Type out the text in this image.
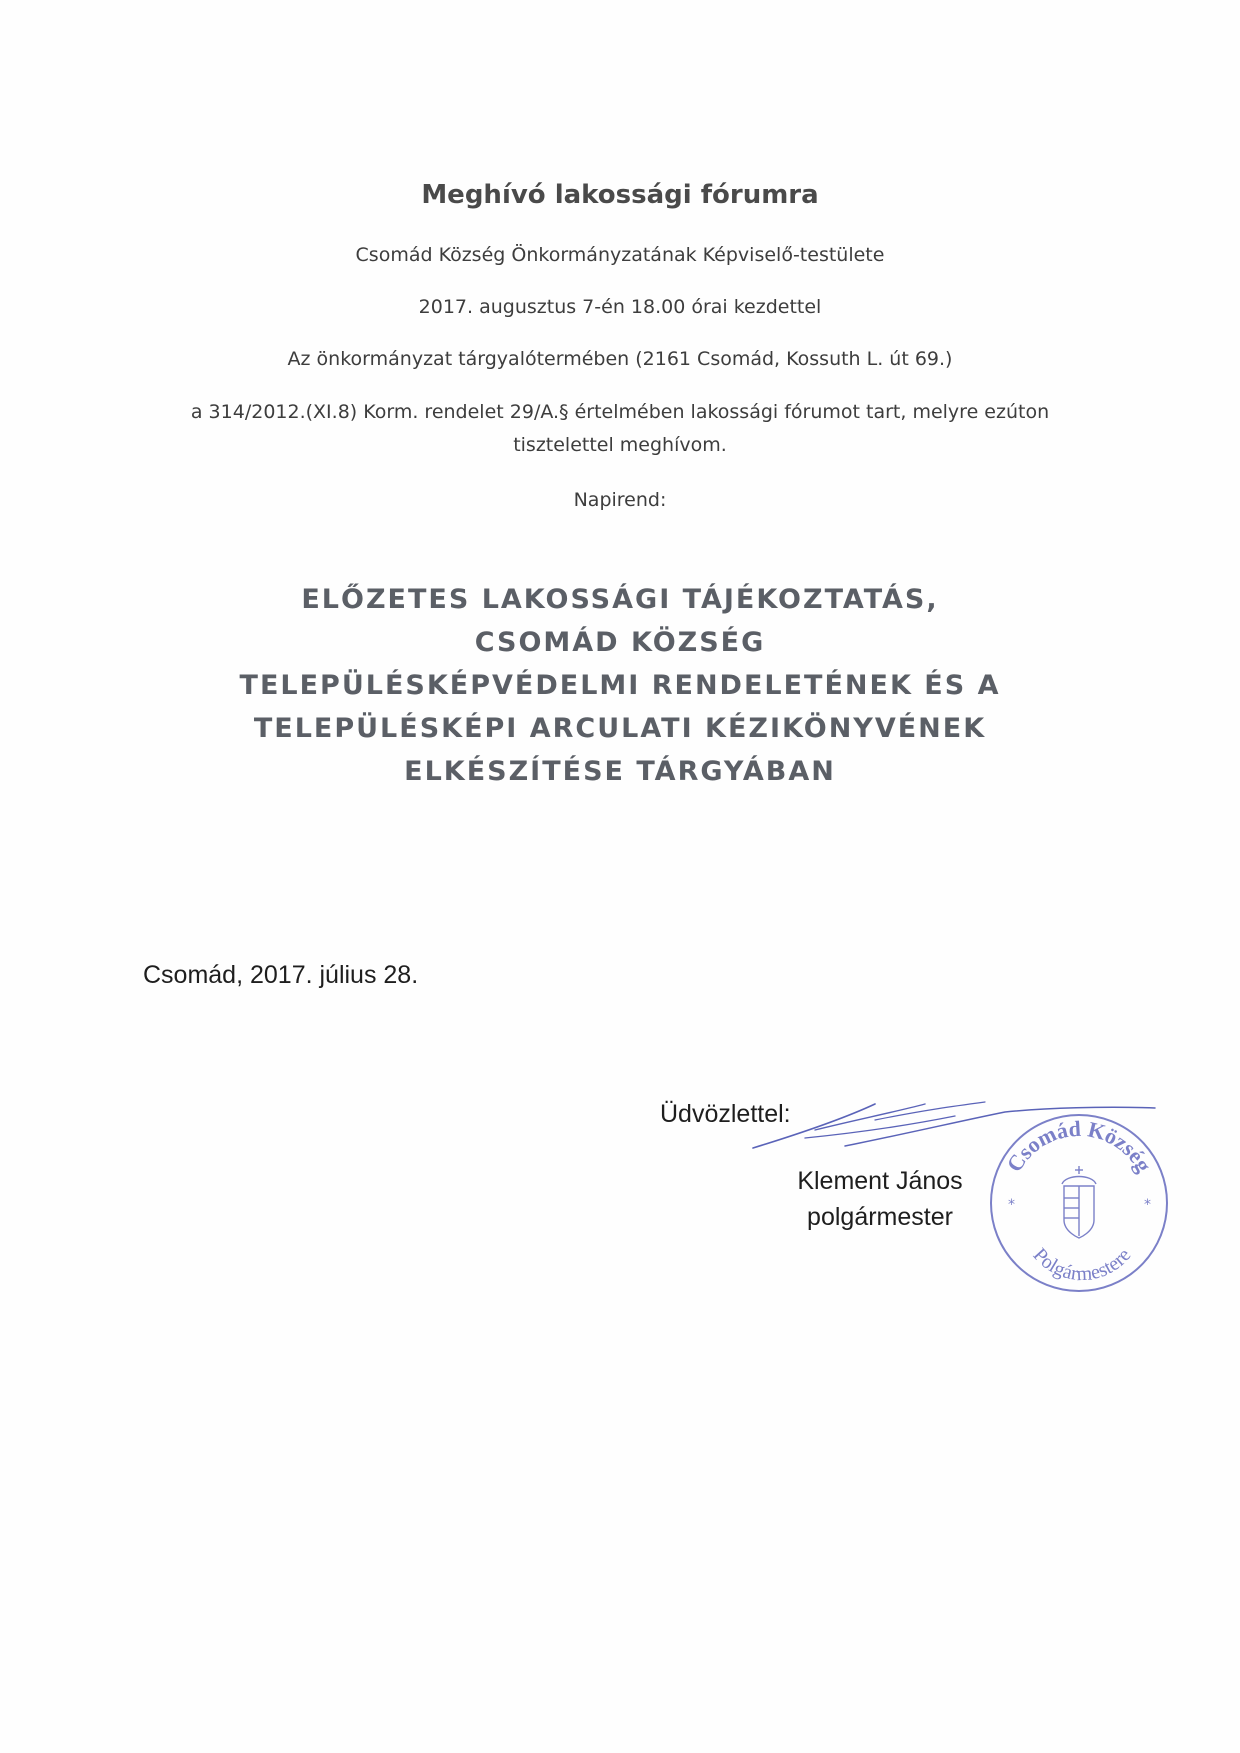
Meghívó lakossági fórumra
Csomád Község Önkormányzatának Képviselő-testülete
2017. augusztus 7-én 18.00 órai kezdettel
Az önkormányzat tárgyalótermében (2161 Csomád, Kossuth L. út 69.)
a 314/2012.(XI.8) Korm. rendelet 29/A.§ értelmében lakossági fórumot tart, melyre ezúton
tisztelettel meghívom.
Napirend:
ELŐZETES LAKOSSÁGI TÁJÉKOZTATÁS,
CSOMÁD KÖZSÉG
TELEPÜLÉSKÉPVÉDELMI RENDELETÉNEK ÉS A
TELEPÜLÉSKÉPI ARCULATI KÉZIKÖNYVÉNEK
ELKÉSZÍTÉSE TÁRGYÁBAN
Csomád, 2017. július 28.
Üdvözlettel:
Klement János
polgármester
Csomád Község
Polgármestere
*	*
